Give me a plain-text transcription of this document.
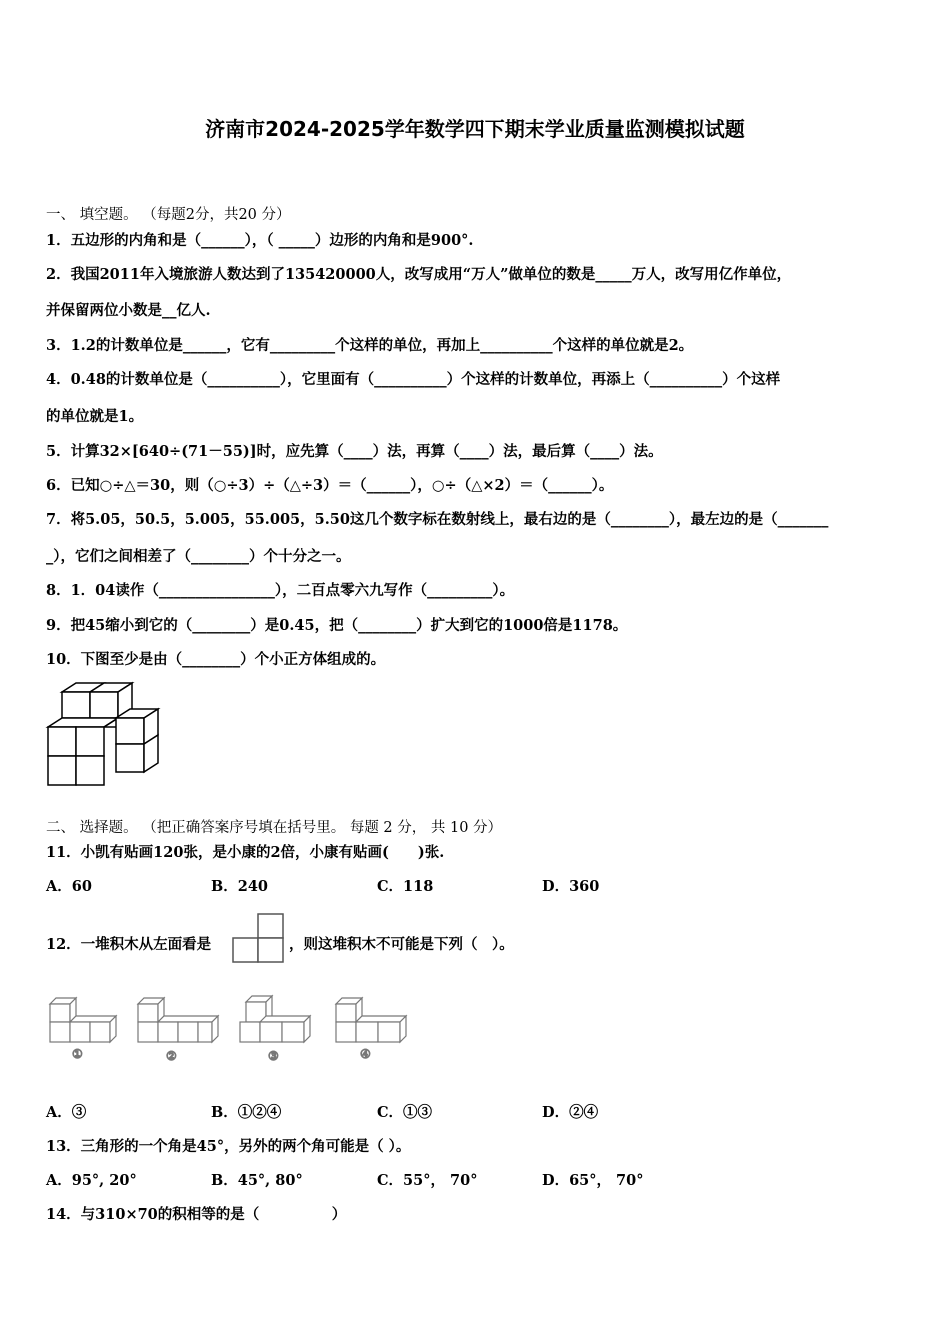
济南市2024-2025学年数学四下期末学业质量监测模拟试题
一、 填空题。 （每题2分，共20 分）
1．五边形的内角和是（______），（ _____）边形的内角和是900°.
2．我国2011年入境旅游人数达到了135420000人，改写成用“万人”做单位的数是_____万人，改写用亿作单位，
并保留两位小数是__亿人.
3．1.2的计数单位是______，它有_________个这样的单位，再加上__________个这样的单位就是2。
4．0.48的计数单位是（__________），它里面有（__________）个这样的计数单位，再添上（__________）个这样
的单位就是1。
5．计算32×[640÷(71－55)]时，应先算（____）法，再算（____）法，最后算（____）法。
6．已知○÷△＝30，则（○÷3）÷（△÷3）＝（______），○÷（△×2）＝（______）。
7．将5.05，50.5，5.005，55.005，5.50这几个数字标在数射线上，最右边的是（________），最左边的是（_______
_），它们之间相差了（________）个十分之一。
8．1．04读作（________________），二百点零六九写作（_________）。
9．把45缩小到它的（________）是0.45，把（________）扩大到它的1000倍是1178。
10．下图至少是由（________）个小正方体组成的。
二、 选择题。 （把正确答案序号填在括号里。 每题 2 分， 共 10 分）
11．小凯有贴画120张，是小康的2倍，小康有贴画(　　)张.
A．60	B．240	C．118	D．360
12．一堆积木从左面看是	，则这堆积木不可能是下列（　）。
①	②	③	④
A．③	B．①②④	C．①③	D．②④
13．三角形的一个角是45°，另外的两个角可能是（ ）。
A．95°, 20°	B．45°, 80°	C．55°， 70°	D．65°， 70°
14．与310×70的积相等的是（　　　　　）
